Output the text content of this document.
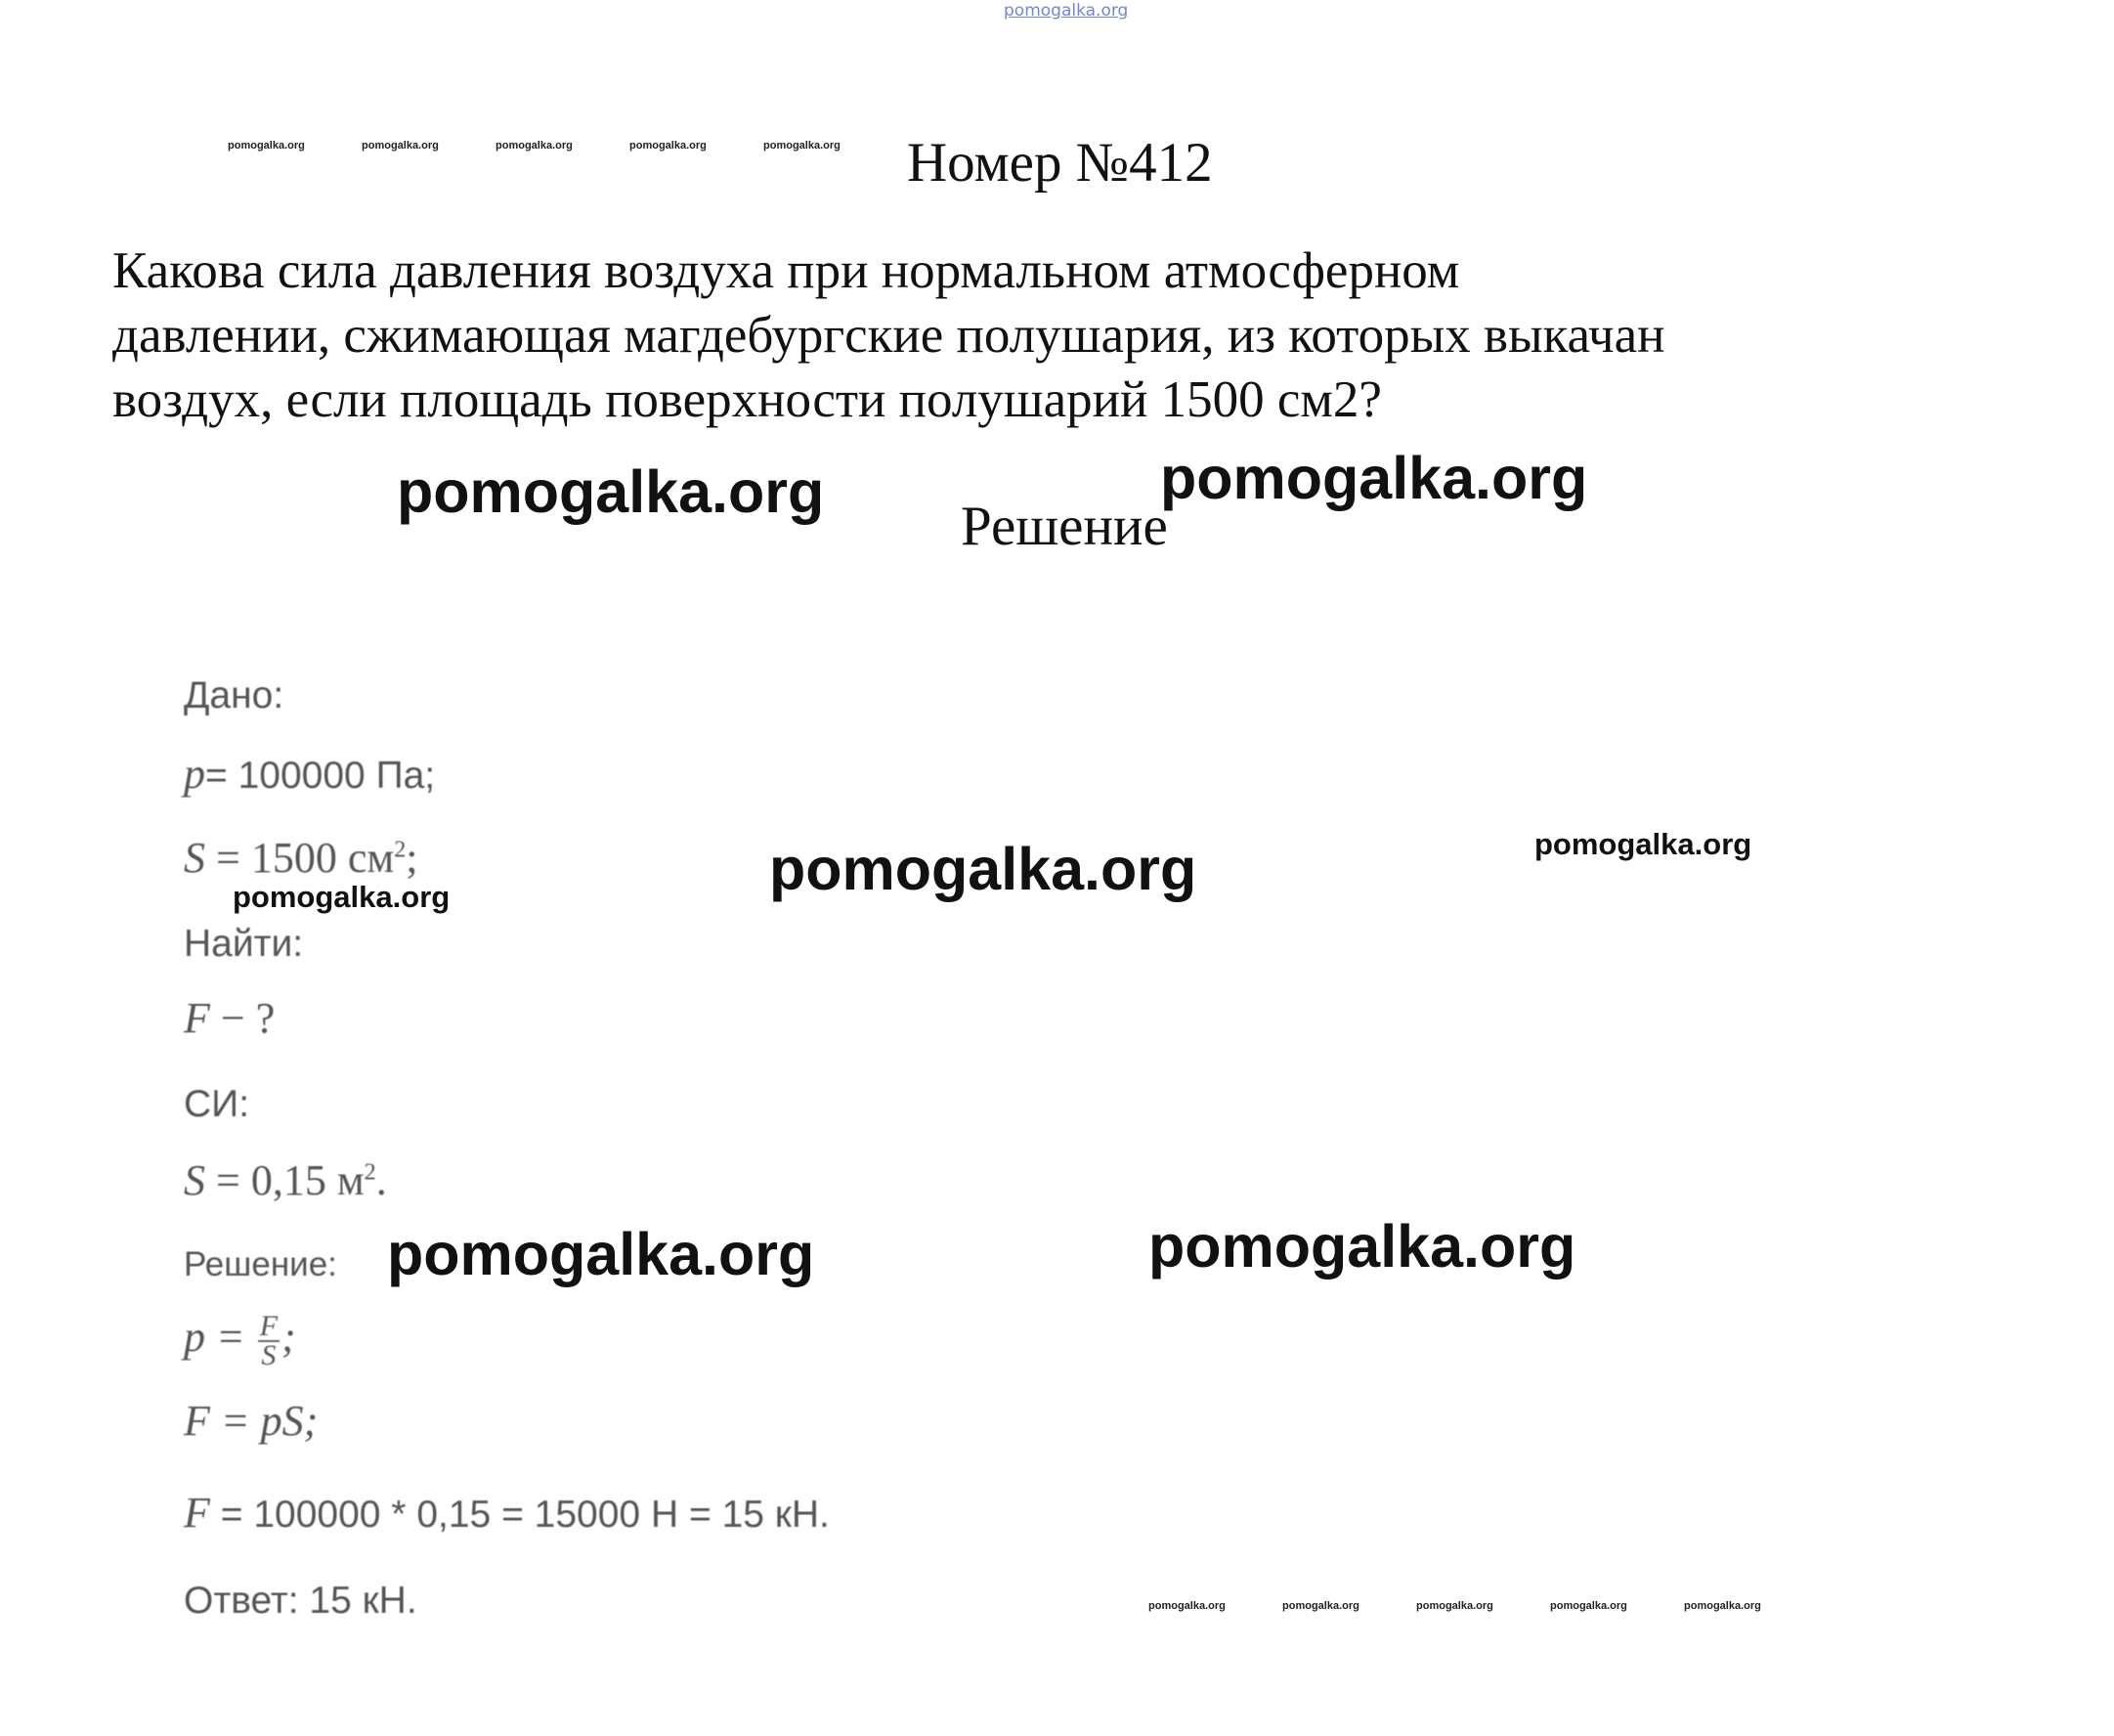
pomogalka.org
pomogalka.org	pomogalka.org	pomogalka.org	pomogalka.org	pomogalka.org Номер №412
Какова сила давления воздуха при нормальном атмосферном
давлении, сжимающая магдебургские полушария, из которых выкачан
воздух, если площадь поверхности полушарий 1500 см2?
pomogalka.org
Решение
pomogalka.org
Дано:
p= 100000 Па;
S = 1500 $см^2$;
pomogalka.org	pomogalka.org	pomogalka.org
Найти:
F − ?
СИ:
S = 0,15 $м^2$.
Решение: pomogalka.org	pomogalka.org
$p = \frac{F}{S}$ ;
F = pS;
F = 100000 * 0,15 = 15000 Н = 15 кН.
Ответ: 15 кН.	pomogalka.org	pomogalka.org	pomogalka.org	pomogalka.org	pomogalka.org
